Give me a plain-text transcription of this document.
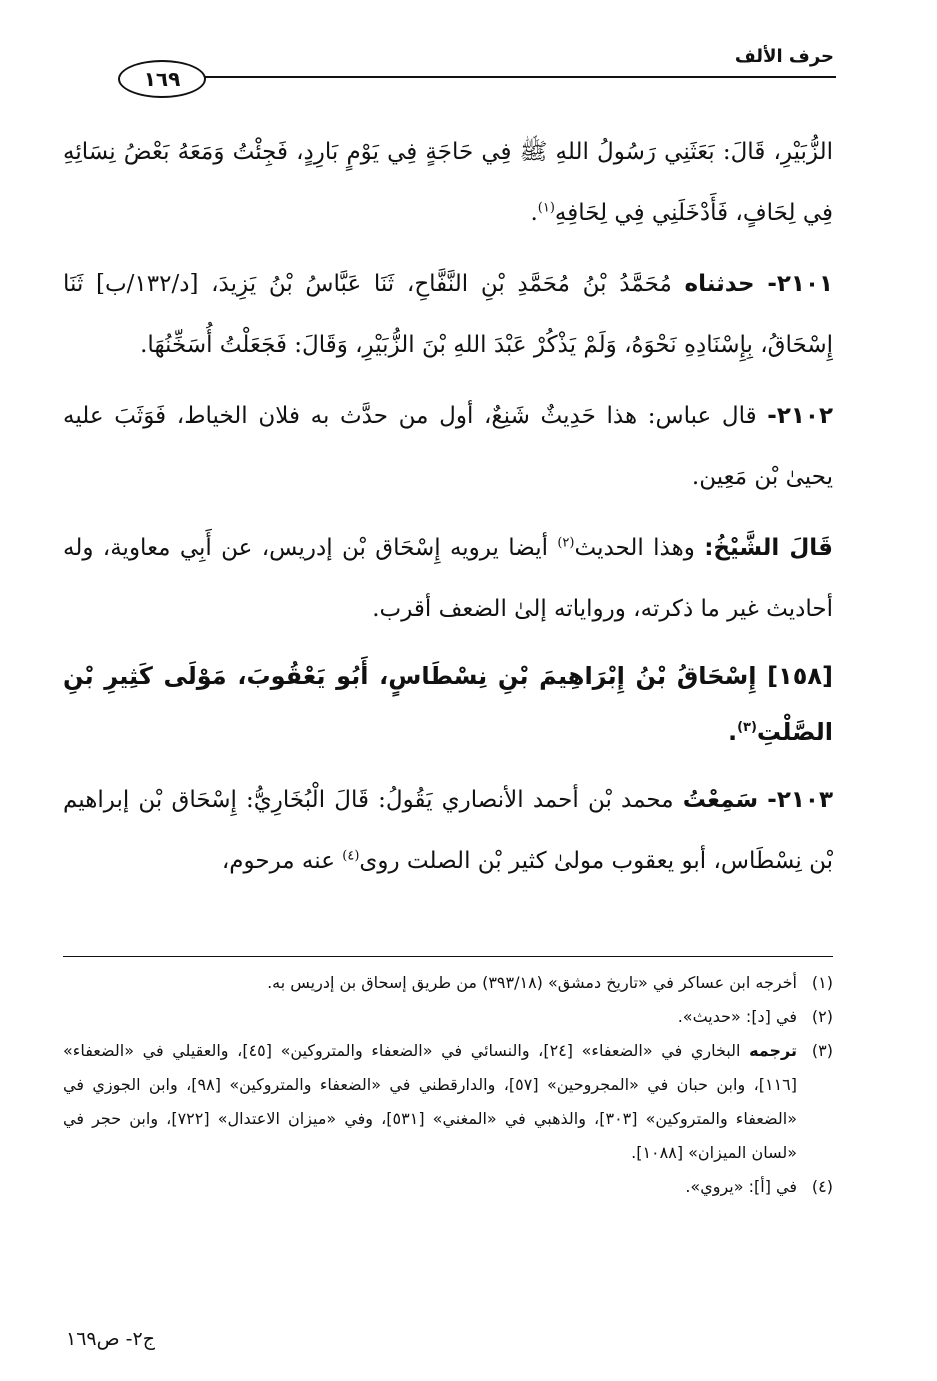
حرف الألف
١٦٩

الزُّبَيْرِ، قَالَ: بَعَثَنِي رَسُولُ اللهِ ﷺ فِي حَاجَةٍ فِي يَوْمٍ بَارِدٍ، فَجِئْتُ وَمَعَهُ بَعْضُ نِسَائِهِ فِي لِحَافٍ، فَأَدْخَلَنِي فِي لِحَافِهِ$^{(١)}$.

٢١٠١- حدثناه مُحَمَّدُ بْنُ مُحَمَّدِ بْنِ النَّفَّاحِ، ثَنَا عَبَّاسُ بْنُ يَزِيدَ، [د/١٣٢/ب] ثَنَا إِسْحَاقُ، بِإِسْنَادِهِ نَحْوَهُ، وَلَمْ يَذْكُرْ عَبْدَ اللهِ بْنَ الزُّبَيْرِ، وَقَالَ: فَجَعَلْتُ أُسَخِّنُهَا.

٢١٠٢- قال عباس: هذا حَدِيثٌ شَنِعٌ، أول من حدَّث به فلان الخياط، فَوَثَبَ عليه يحيىٰ بْن مَعِين.

قَالَ الشَّيْخُ: وهذا الحديث$^{(٢)}$ أيضا يرويه إِسْحَاق بْن إدريس، عن أَبِي معاوية، وله أحاديث غير ما ذكرته، ورواياته إلىٰ الضعف أقرب.

[١٥٨] إِسْحَاقُ بْنُ إِبْرَاهِيمَ بْنِ نِسْطَاسٍ، أَبُو يَعْقُوبَ، مَوْلَى كَثِيرِ بْنِ الصَّلْتِ$^{(٣)}$.

٢١٠٣- سَمِعْتُ محمد بْن أحمد الأنصاري يَقُولُ: قَالَ الْبُخَارِيُّ: إِسْحَاق بْن إبراهيم بْن نِسْطَاس، أبو يعقوب مولىٰ كثير بْن الصلت روى$^{(٤)}$ عنه مرحوم،

(١)
أخرجه ابن عساكر في «تاريخ دمشق» (٣٩٣/١٨) من طريق إسحاق بن إدريس به.
(٢)
في [د]: «حديث».
(٣)
ترجمه البخاري في «الضعفاء» [٢٤]، والنسائي في «الضعفاء والمتروكين» [٤٥]، والعقيلي في «الضعفاء» [١١٦]، وابن حبان في «المجروحين» [٥٧]، والدارقطني في «الضعفاء والمتروكين» [٩٨]، وابن الجوزي في «الضعفاء والمتروكين» [٣٠٣]، والذهبي في «المغني» [٥٣١]، وفي «ميزان الاعتدال» [٧٢٢]، وابن حجر في «لسان الميزان» [١٠٨٨].
(٤)
في [أ]: «يروي».
ج٢- ص١٦٩
